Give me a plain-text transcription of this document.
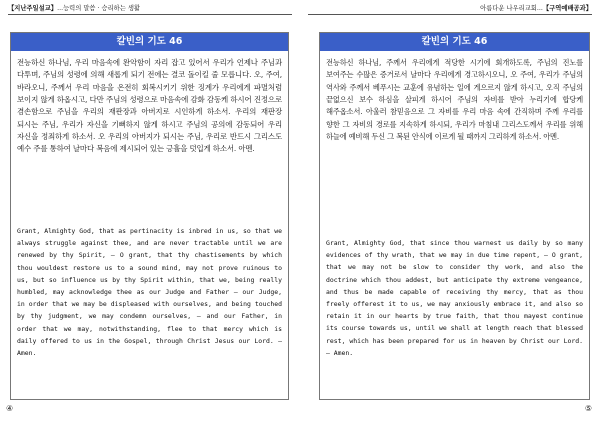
【지난주일설교】...능력의 말씀 · 승리하는 생활
칼빈의 기도 46

전능하신 하나님, 우리 마음속에 완악함이 자리 잡고 있어서 우리가 언제나 주님과 다투며, 주님의 성령에 의해 새롭게 되기 전에는 결코 돌이킬 줄 모릅니다. 오, 주여, 바라오니, 주께서 우리 마음을 온전히 회복시키기 위한 징계가 우리에게 파멸처럼 보이지 않게 하옵시고, 다만 주님의 성령으로 마음속에 감화 감동케 하시어 진정으로 겸손함으로 주님을 우리의 재판장과 아버지로 시인하게 하소서. 우리의 재판장 되시는 주님, 우리가 자신을 기뻐하지 않게 하시고 주님의 공의에 감동되어 우리 자신을 정죄하게 하소서. 오 우리의 아버지가 되시는 주님, 우리로 반드시 그리스도 예수 주를 통하여 날마다 복음에 제시되어 있는 긍휼을 덧입게 하소서. 아멘.

Grant, Almighty God, that as pertinacity is inbred in us, so that we always struggle against thee, and are never tractable until we are renewed by thy Spirit, — O grant, that thy chastisements by which thou wouldest restore us to a sound mind, may not prove ruinous to us, but so influence us by thy Spirit within, that we, being really humbled, may acknowledge thee as our Judge and Father — our Judge, in order that we may be displeased with ourselves, and being touched by thy judgment, we may condemn ourselves, — and our Father, in order that we may, notwithstanding, flee to that mercy which is daily offered to us in the Gospel, through Christ Jesus our Lord. — Amen.

④
아름다운 나우리교회...【구역예배공과】
칼빈의 기도 46

전능하신 하나님, 주께서 우리에게 적당한 시기에 회개하도록, 주님의 진노를 보여주는 수많은 증거로서 날마다 우리에게 경고하시오니, 오 주여, 우리가 주님의 역사와 주께서 베푸시는 교훈에 유념하는 일에 게으르지 않게 하시고, 오직 주님의 끝없으신 보수 하심을 살피게 하시어 주님의 자비를 받아 누리기에 합당케 해주옵소서. 아울러 참믿음으로 그 자비를 우리 마음 속에 간직하며 주께 우리를 향한 그 자비의 경로를 지속하게 하시되, 우리가 마침내 그리스도께서 우리를 위해 하늘에 예비해 두신 그 복된 안식에 이르게 될 때까지 그리하게 하소서. 아멘.

Grant, Almighty God, that since thou warnest us daily by so many evidences of thy wrath, that we may in due time repent, — O grant, that we may not be slow to consider thy work, and also the doctrine which thou addest, but anticipate thy extreme vengeance, and thus be made capable of receiving thy mercy, that as thou freely offerest it to us, we may anxiously embrace it, and also so retain it in our hearts by true faith, that thou mayest continue its course towards us, until we shall at length reach that blessed rest, which has been prepared for us in heaven by Christ our Lord. — Amen.

⑤
